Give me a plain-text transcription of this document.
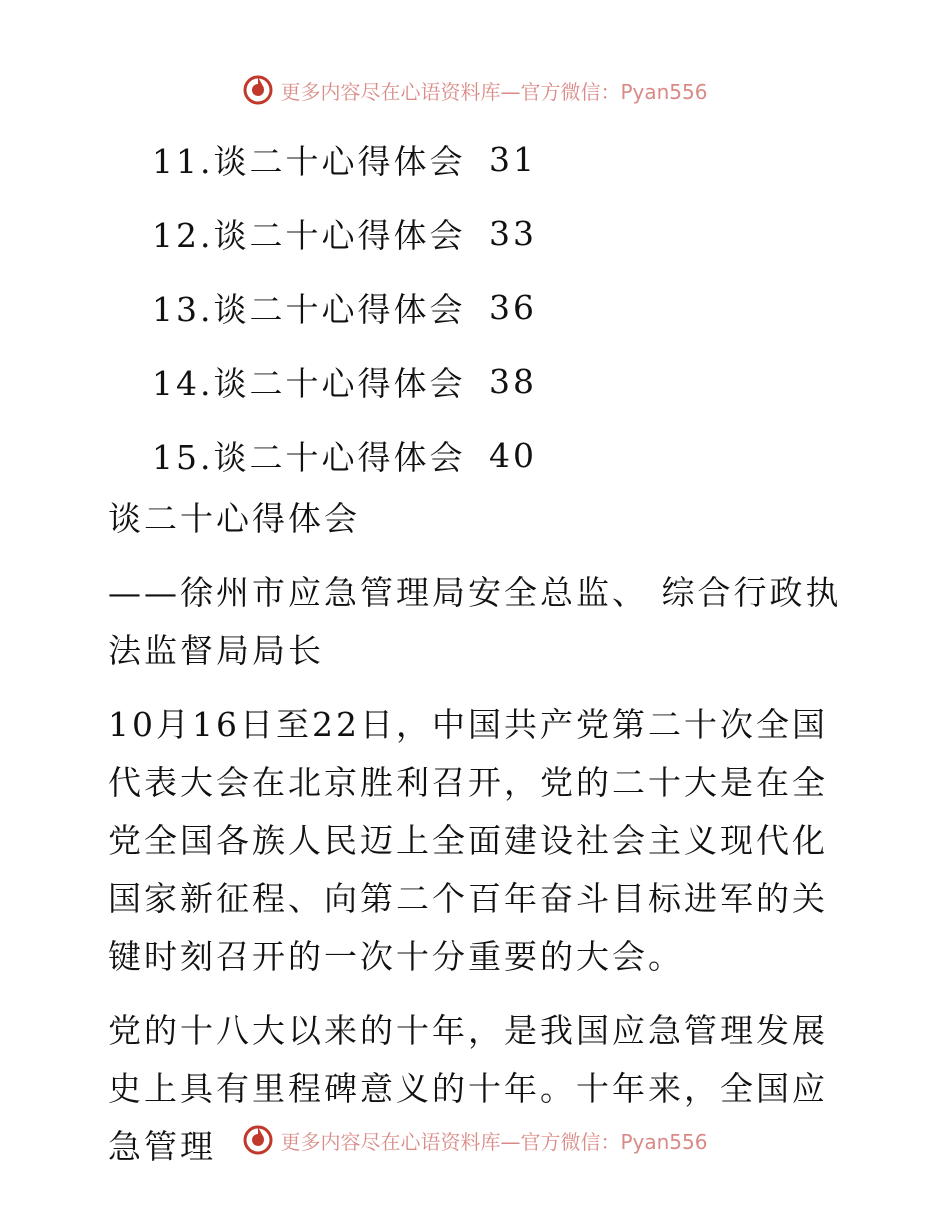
更多内容尽在心语资料库—官方微信：Pyan556
11.谈二十心得体会 31
12.谈二十心得体会 33
13.谈二十心得体会 36
14.谈二十心得体会 38
15.谈二十心得体会 40

谈二十心得体会

——徐州市应急管理局安全总监、 综合行政执法监督局局长

10月16日至22日，中国共产党第二十次全国代表大会在北京胜利召开，党的二十大是在全党全国各族人民迈上全面建设社会主义现代化国家新征程、向第二个百年奋斗目标进军的关键时刻召开的一次十分重要的大会。

党的十八大以来的十年，是我国应急管理发展史上具有里程碑意义的十年。十年来，全国应急管理	更多内容尽在心语资料库—官方微信：Pyan556
